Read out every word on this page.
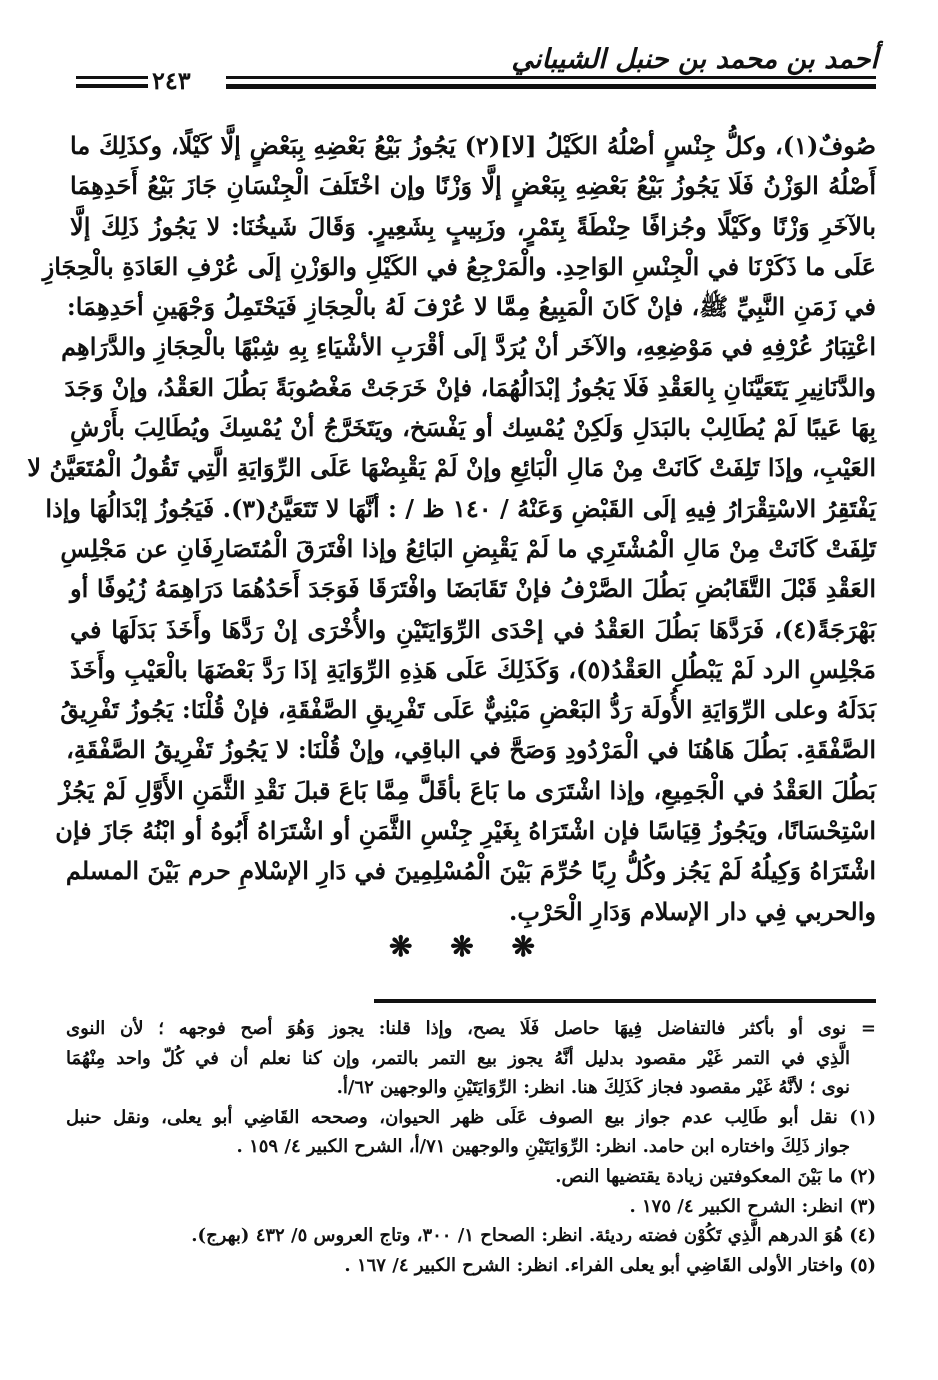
أحمد بن محمد بن حنبل الشيباني
٢٤٣
صُوفٌ(١)، وكلُّ جِنْسٍ أصْلُهُ الكَيْلُ [لا](٢) يَجُوزُ بَيْعُ بَعْضِهِ بِبَعْضٍ إلَّا كَيْلًا، وكذَلِكَ ما
أَصْلُهُ الوَزْنُ فَلَا يَجُوزُ بَيْعُ بَعْضِهِ بِبَعْضٍ إلَّا وَزْنًا وإن اخْتَلَفَ الْجِنْسَانِ جَازَ بَيْعُ أَحَدِهِمَا
بالآخَرِ وَزْنًا وكَيْلًا وجُزافًا حِنْطَةً بِتَمْرٍ، وزَبِيبٍ بِشَعِيرٍ. وَقَالَ شَيخُنَا: لا يَجُوزُ ذَلِكَ إلَّا
عَلَى ما ذَكَرْنَا في الْجِنْسِ الوَاحِدِ. والْمَرْجِعُ في الكَيْلِ والوَزْنِ إلَى عُرْفِ العَادَةِ بالْحِجَازِ
في زَمَنِ النَّبِيِّ ﷺ، فإنْ كَانَ الْمَبِيعُ مِمَّا لا عُرْفَ لَهُ بالْحِجَازِ فَيَحْتَمِلُ وَجْهَينِ أحَدِهِمَا:
اعْتِبَارُ عُرْفِهِ في مَوْضِعِهِ، والآخَر أنْ يُرَدَّ إلَى أقْرَبِ الأشْيَاءِ بِهِ شِبْهًا بالْحِجَازِ والدَّرَاهِم
والدَّنَانِيرِ يَتَعَيَّنَانِ بِالعَقْدِ فَلَا يَجُوزُ إبْدَالُهُمَا، فإنْ خَرَجَتْ مَغْصُوبَةً بَطُلَ العَقْدُ، وإنْ وَجَدَ
بِهَا عَيبًا لَمْ يُطَالِبْ بالبَدَلِ وَلَكِنْ يُمْسِك أو يَفْسَخ، ويَتَخَرَّجُ أنْ يُمْسِكَ ويُطَالِبَ بأَرْشِ
العَيْبِ، وإذَا تَلِفَتْ كَانَتْ مِنْ مَالِ الْبَائِعِ وإنْ لَمْ يَقْبِضْهَا عَلَى الرِّوَايَةِ الَّتِي تَقُولُ الْمُتَعَيَّنُ لا
يَفْتَقِرُ الاسْتِقْرَارُ فِيهِ إلَى القَبْضِ وَعَنْهُ / ١٤٠ ظ / : أنَّهَا لا تَتَعَيَّنُ(٣). فَيَجُوزُ إبْدَالُهَا وإذا
تَلِفَتْ كَانَتْ مِنْ مَالِ الْمُشْتَرِي ما لَمْ يَقْبِضِ البَائِعُ وإذا افْتَرَقَ الْمُتَصَارِفَانِ عن مَجْلِسِ
العَقْدِ قَبْلَ التَّقَابُضِ بَطُلَ الصَّرْفُ فإنْ تَقَابَضَا وافْتَرَقَا فَوَجَدَ أَحَدُهُمَا دَرَاهِمَهُ زُيُوفًا أو
بَهْرَجَةً(٤)، فَرَدَّهَا بَطُلَ العَقْدُ في إحْدَى الرِّوَايَتَيْنِ والأُخْرَى إنْ رَدَّهَا وأَخَذَ بَدَلَهَا في
مَجْلِسِ الرد لَمْ يَبْطُلِ العَقْدُ(٥)، وَكَذَلِكَ عَلَى هَذِهِ الرِّوَايَةِ إذَا رَدَّ بَعْضَهَا بالْعَيْبِ وأَخَذَ
بَدَلَهُ وعلى الرِّوَايَةِ الأُولَة رَدُّ البَعْضِ مَبْنِيٌّ عَلَى تَفْرِيقِ الصَّفْقَةِ، فإنْ قُلْنَا: يَجُوزُ تَفْرِيقُ
الصَّفْقَةِ. بَطُلَ هَاهُنَا في الْمَرْدُودِ وَصَحَّ في الباقِي، وإنْ قُلْنَا: لا يَجُوزُ تَفْرِيقُ الصَّفْقَةِ،
بَطُلَ العَقْدُ في الْجَمِيعِ، وإذا اشْتَرَى ما بَاعَ بأقَلَّ مِمَّا بَاعَ قبلَ نَقْدِ الثَّمَنِ الأَوَّلِ لَمْ يَجُزْ
اسْتِحْسَانًا، ويَجُوزُ قِيَاسًا فإن اشْتَرَاهُ بِغَيْرِ جِنْسِ الثَّمَنِ أو اشْتَرَاهُ أَبُوهُ أو ابْنُهُ جَازَ فإن
اشْتَرَاهُ وَكِيلُهُ لَمْ يَجُز وكُلُّ رِبًا حُرِّمَ بَيْنَ الْمُسْلِمِينَ في دَارِ الإسْلامِ حرم بَيْنَ المسلم
والحربي فِي دار الإسلام وَدَارِ الْحَرْبِ.
❋ ❋ ❋
= نوى أو بأكثر فالتفاضل فِيهَا حاصل فَلَا يصح، وإذا قلنا: يجوز وَهُوَ أصح فوجهه ؛ لأن النوى
الَّذِي في التمر غَيْر مقصود بدليل أنَّهُ يجوز بيع التمر بالتمر، وإن كنا نعلم أن في كُلّ واحد مِنْهُمَا
نوى ؛ لأنَّهُ غَيْر مقصود فجاز كَذَلِكَ هنا. انظر: الرِّوَايَتَيْنِ والوجهين ٦٢/أ.
(١) نقل أبو طَالِب عدم جواز بيع الصوف عَلَى ظهر الحيوان، وصححه القَاضِي أبو يعلى، ونقل حنبل
جواز ذَلِكَ واختاره ابن حامد. انظر: الرِّوَايَتَيْنِ والوجهين ٧١/أ، الشرح الكبير ٤/ ١٥٩ .
(٢) ما بَيْنَ المعكوفتين زيادة يقتضيها النص.
(٣) انظر: الشرح الكبير ٤/ ١٧٥ .
(٤) هُوَ الدرهم الَّذِي تَكُوْن فضته رديئة. انظر: الصحاح ١/ ٣٠٠، وتاج العروس ٥/ ٤٣٢ (بهرج).
(٥) واختار الأولى القَاضِي أبو يعلى الفراء. انظر: الشرح الكبير ٤/ ١٦٧ .
